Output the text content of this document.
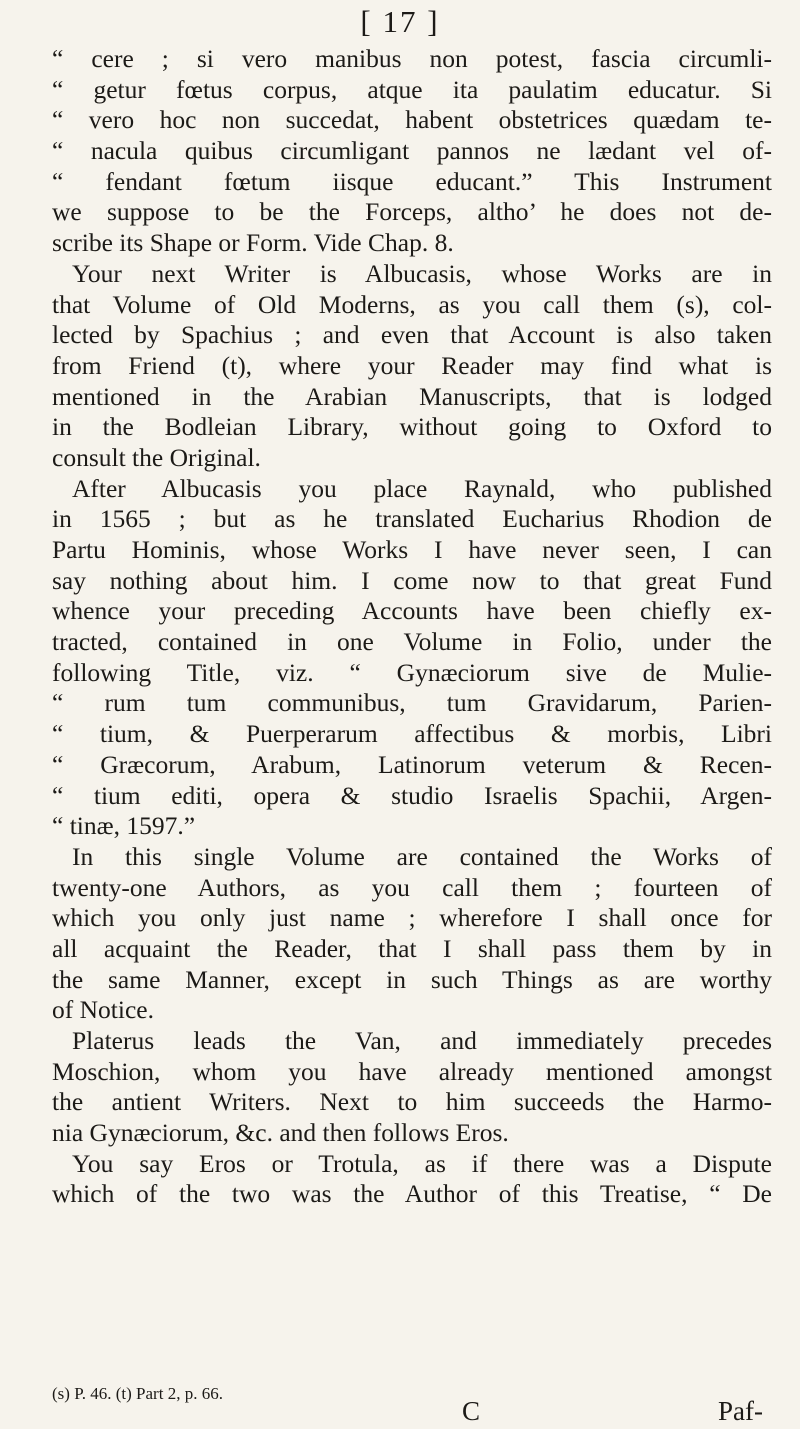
[ 17 ]
“ cere ; si vero manibus non potest, fascia circumli-
“ getur fœtus corpus, atque ita paulatim educatur. Si
“ vero hoc non succedat, habent obstetrices quædam te-
“ nacula quibus circumligant pannos ne lædant vel of-
“ fendant fœtum iisque educant.” This Instrument
we suppose to be the Forceps, altho’ he does not de-
scribe its Shape or Form. Vide Chap. 8.
Your next Writer is Albucasis, whose Works are in
that Volume of Old Moderns, as you call them (s), col-
lected by Spachius ; and even that Account is also taken
from Friend (t), where your Reader may find what is
mentioned in the Arabian Manuscripts, that is lodged
in the Bodleian Library, without going to Oxford to
consult the Original.
After Albucasis you place Raynald, who published
in 1565 ; but as he translated Eucharius Rhodion de
Partu Hominis, whose Works I have never seen, I can
say nothing about him. I come now to that great Fund
whence your preceding Accounts have been chiefly ex-
tracted, contained in one Volume in Folio, under the
following Title, viz. “ Gynæciorum sive de Mulie-
“ rum tum communibus, tum Gravidarum, Parien-
“ tium, & Puerperarum affectibus & morbis, Libri
“ Græcorum, Arabum, Latinorum veterum & Recen-
“ tium editi, opera & studio Israelis Spachii, Argen-
“ tinæ, 1597.”
In this single Volume are contained the Works of
twenty-one Authors, as you call them ; fourteen of
which you only just name ; wherefore I shall once for
all acquaint the Reader, that I shall pass them by in
the same Manner, except in such Things as are worthy
of Notice.
Platerus leads the Van, and immediately precedes
Moschion, whom you have already mentioned amongst
the antient Writers. Next to him succeeds the Harmo-
nia Gynæciorum, &c. and then follows Eros.
You say Eros or Trotula, as if there was a Dispute
which of the two was the Author of this Treatise, “ De
(s) P. 46. (t) Part 2, p. 66.
C	Paf-
